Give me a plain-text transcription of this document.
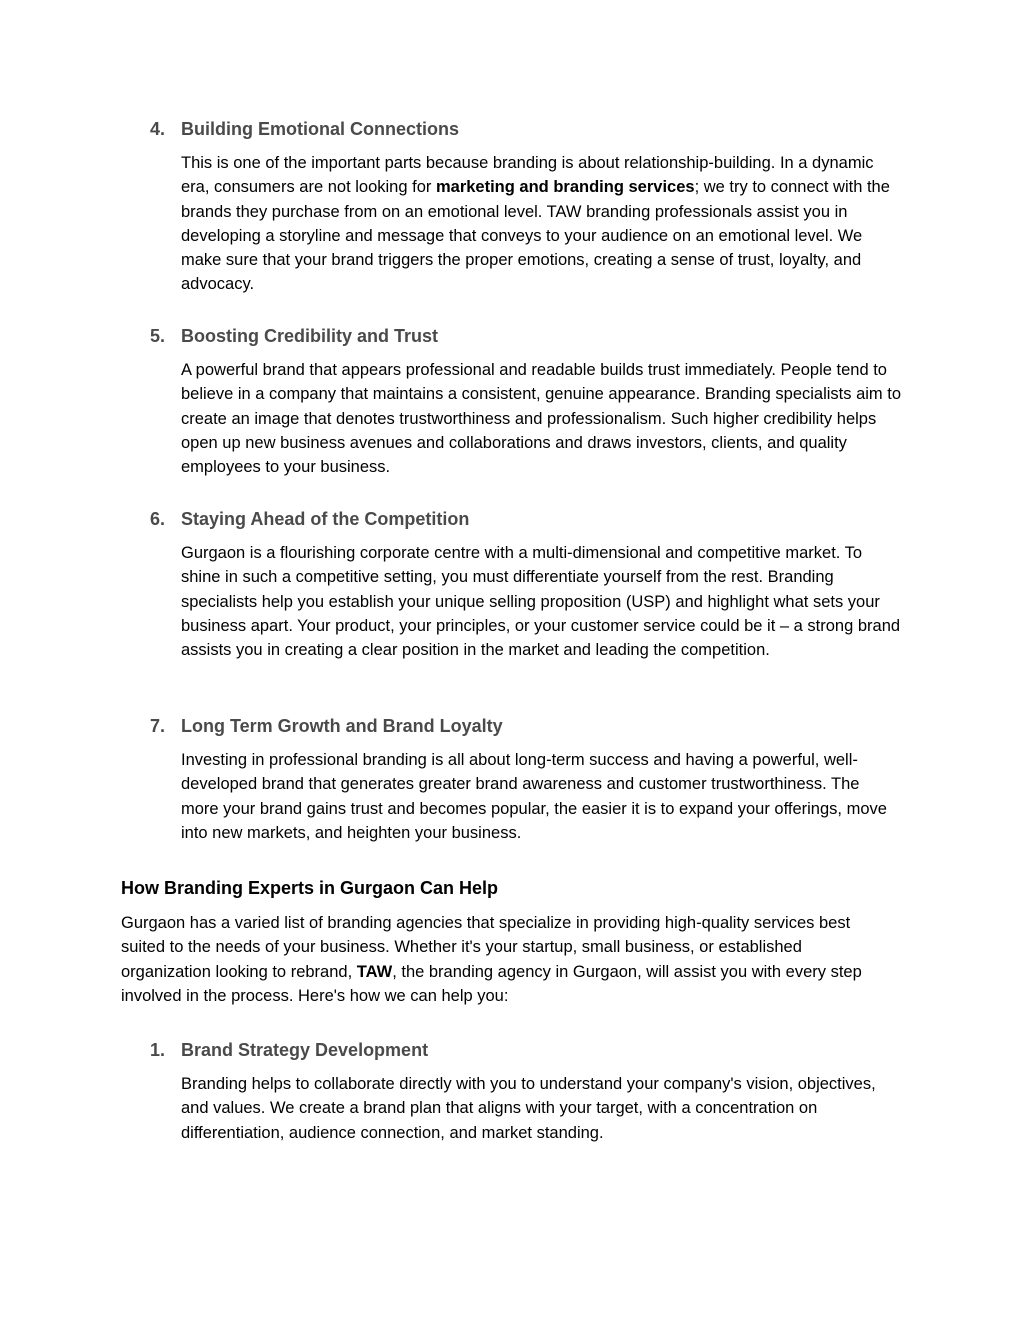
4. Building Emotional Connections
This is one of the important parts because branding is about relationship-building. In a dynamic era, consumers are not looking for marketing and branding services; we try to connect with the brands they purchase from on an emotional level. TAW branding professionals assist you in developing a storyline and message that conveys to your audience on an emotional level. We make sure that your brand triggers the proper emotions, creating a sense of trust, loyalty, and advocacy.
5. Boosting Credibility and Trust
A powerful brand that appears professional and readable builds trust immediately. People tend to believe in a company that maintains a consistent, genuine appearance. Branding specialists aim to create an image that denotes trustworthiness and professionalism. Such higher credibility helps open up new business avenues and collaborations and draws investors, clients, and quality employees to your business.
6. Staying Ahead of the Competition
Gurgaon is a flourishing corporate centre with a multi-dimensional and competitive market. To shine in such a competitive setting, you must differentiate yourself from the rest. Branding specialists help you establish your unique selling proposition (USP) and highlight what sets your business apart. Your product, your principles, or your customer service could be it – a strong brand assists you in creating a clear position in the market and leading the competition.
7. Long Term Growth and Brand Loyalty
Investing in professional branding is all about long-term success and having a powerful, well-developed brand that generates greater brand awareness and customer trustworthiness. The more your brand gains trust and becomes popular, the easier it is to expand your offerings, move into new markets, and heighten your business.
How Branding Experts in Gurgaon Can Help
Gurgaon has a varied list of branding agencies that specialize in providing high-quality services best suited to the needs of your business. Whether it's your startup, small business, or established organization looking to rebrand, TAW, the branding agency in Gurgaon, will assist you with every step involved in the process. Here's how we can help you:
1. Brand Strategy Development
Branding helps to collaborate directly with you to understand your company's vision, objectives, and values. We create a brand plan that aligns with your target, with a concentration on differentiation, audience connection, and market standing.
